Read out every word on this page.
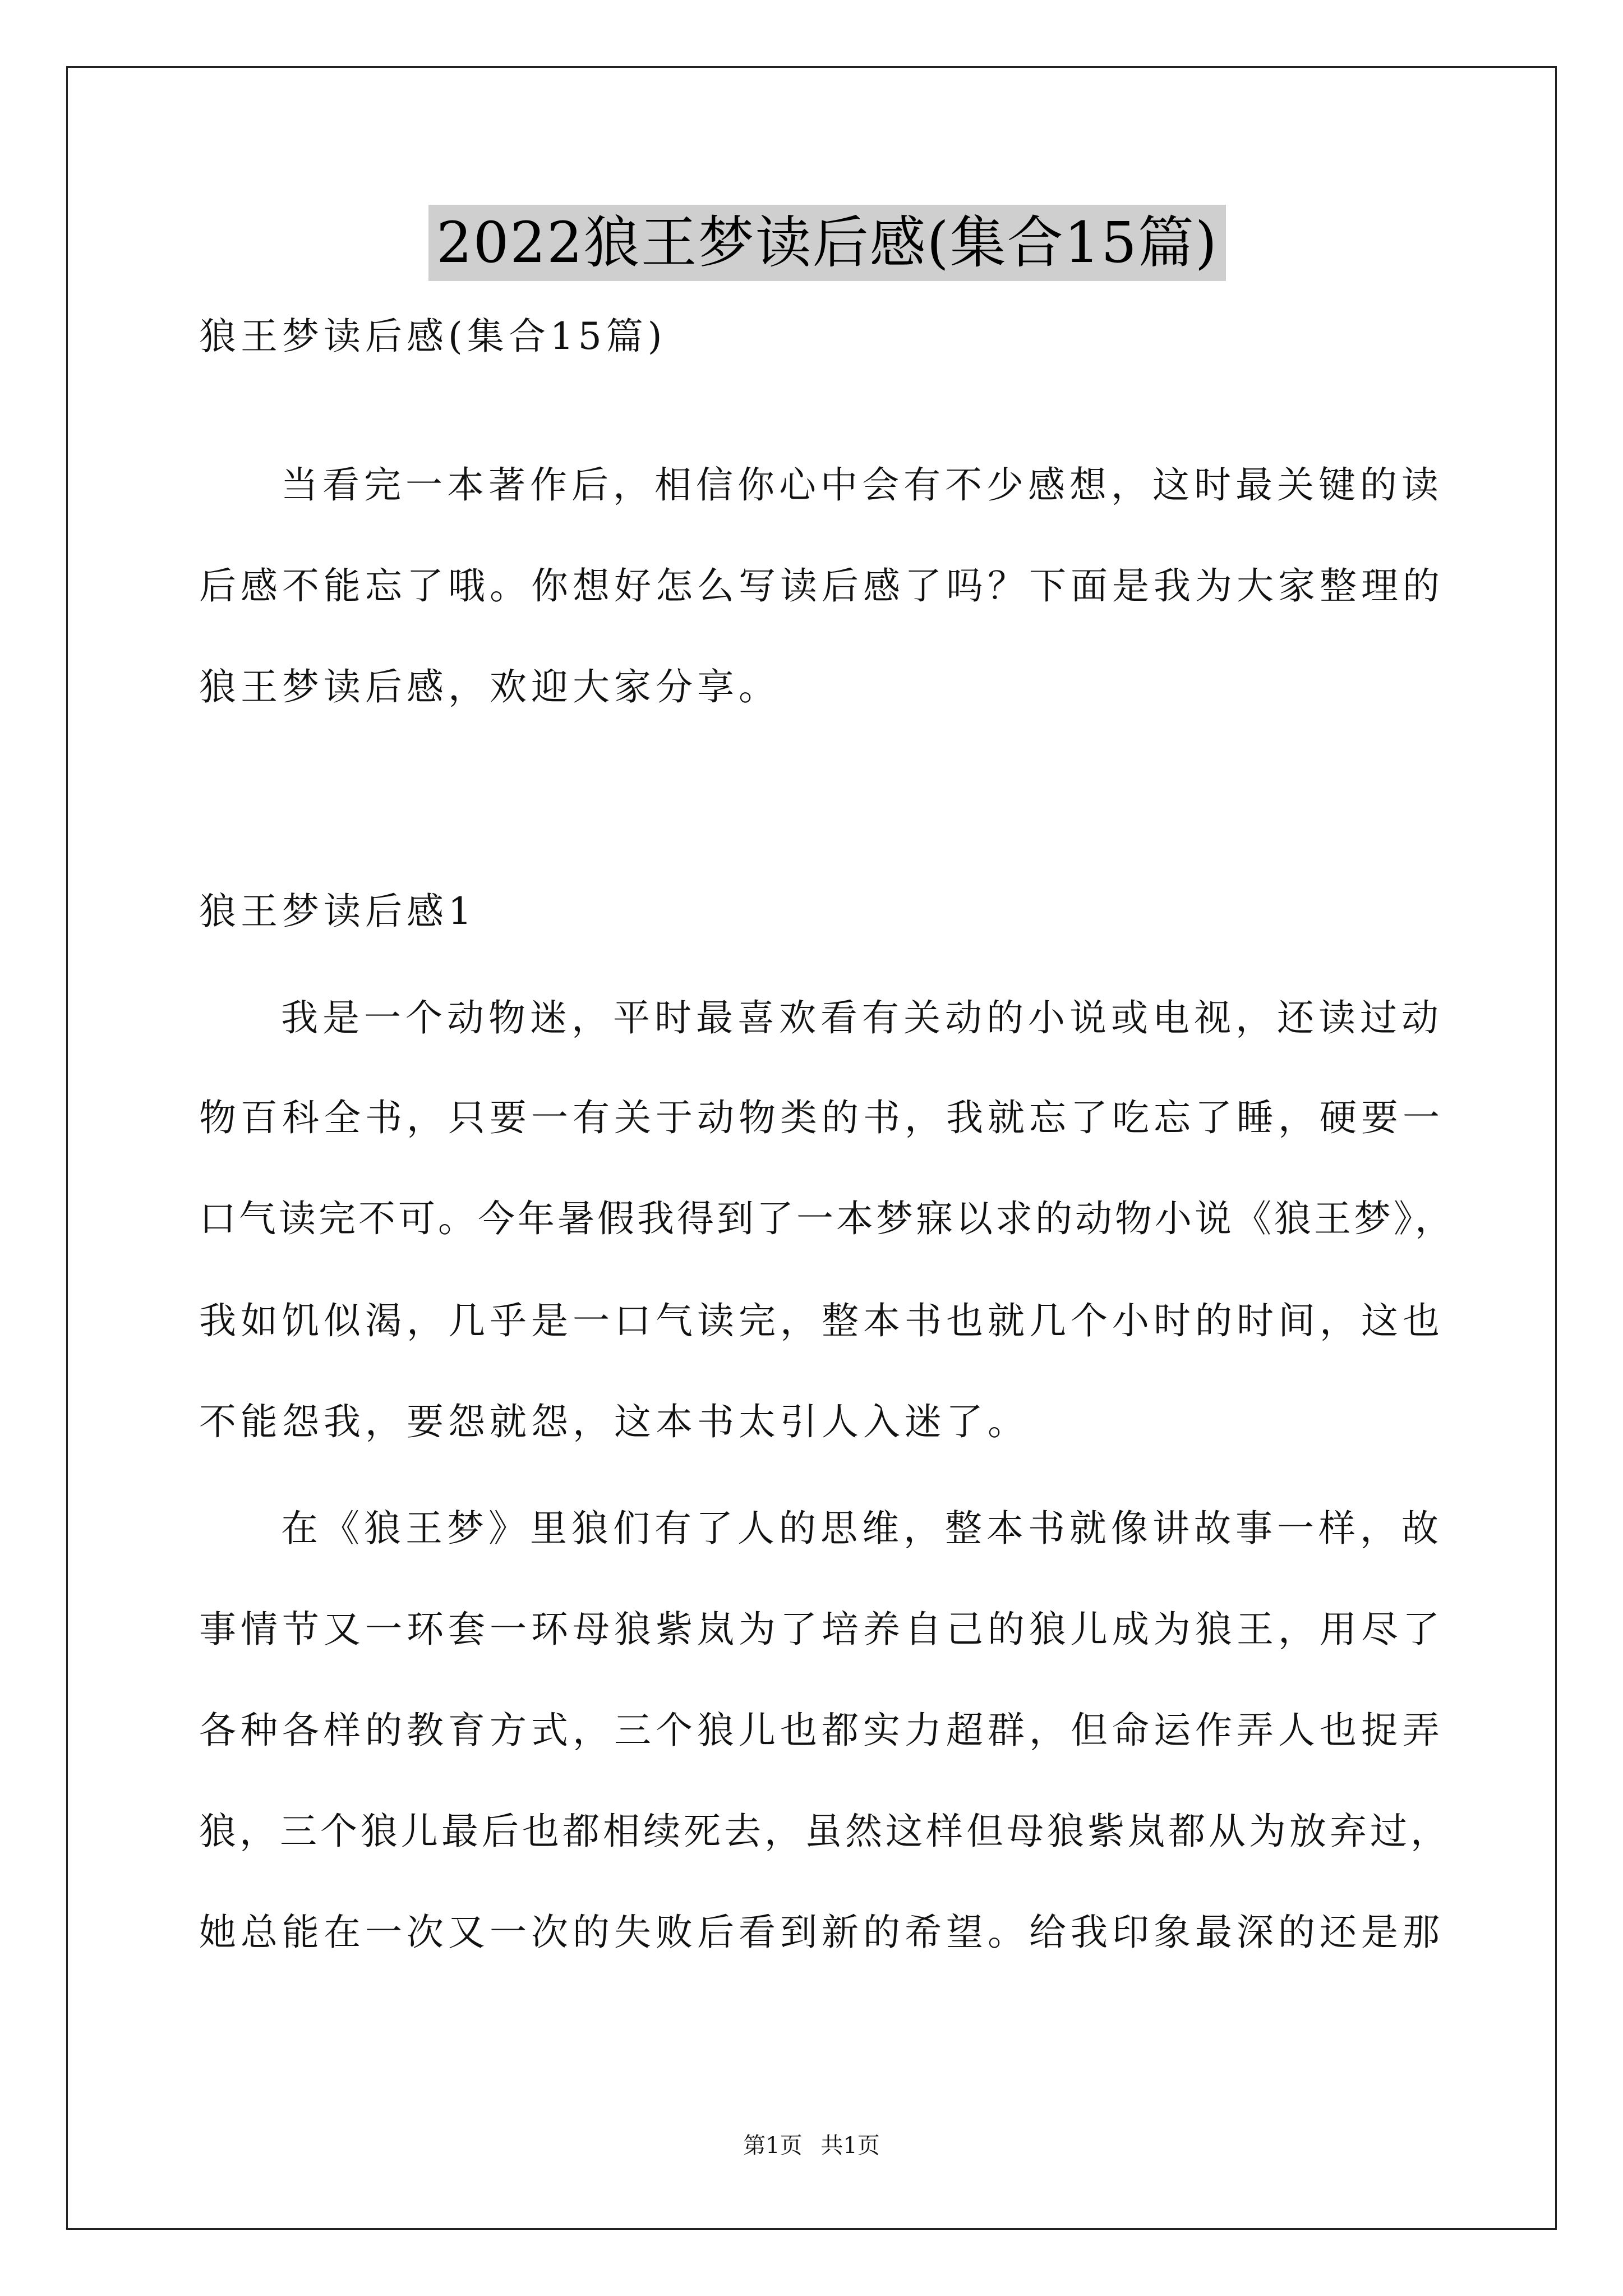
2022狼王梦读后感(集合15篇)
狼王梦读后感(集合15篇)
当看完一本著作后，相信你心中会有不少感想，这时最关键的读
后感不能忘了哦。你想好怎么写读后感了吗？下面是我为大家整理的
狼王梦读后感，欢迎大家分享。
狼王梦读后感1
我是一个动物迷，平时最喜欢看有关动的小说或电视，还读过动
物百科全书，只要一有关于动物类的书，我就忘了吃忘了睡，硬要一
口气读完不可。今年暑假我得到了一本梦寐以求的动物小说《狼王梦》，
我如饥似渴，几乎是一口气读完，整本书也就几个小时的时间，这也
不能怨我，要怨就怨，这本书太引人入迷了。
在《狼王梦》里狼们有了人的思维，整本书就像讲故事一样，故
事情节又一环套一环母狼紫岚为了培养自己的狼儿成为狼王，用尽了
各种各样的教育方式，三个狼儿也都实力超群，但命运作弄人也捉弄
狼，三个狼儿最后也都相续死去，虽然这样但母狼紫岚都从为放弃过，
她总能在一次又一次的失败后看到新的希望。给我印象最深的还是那
第1页 共1页
